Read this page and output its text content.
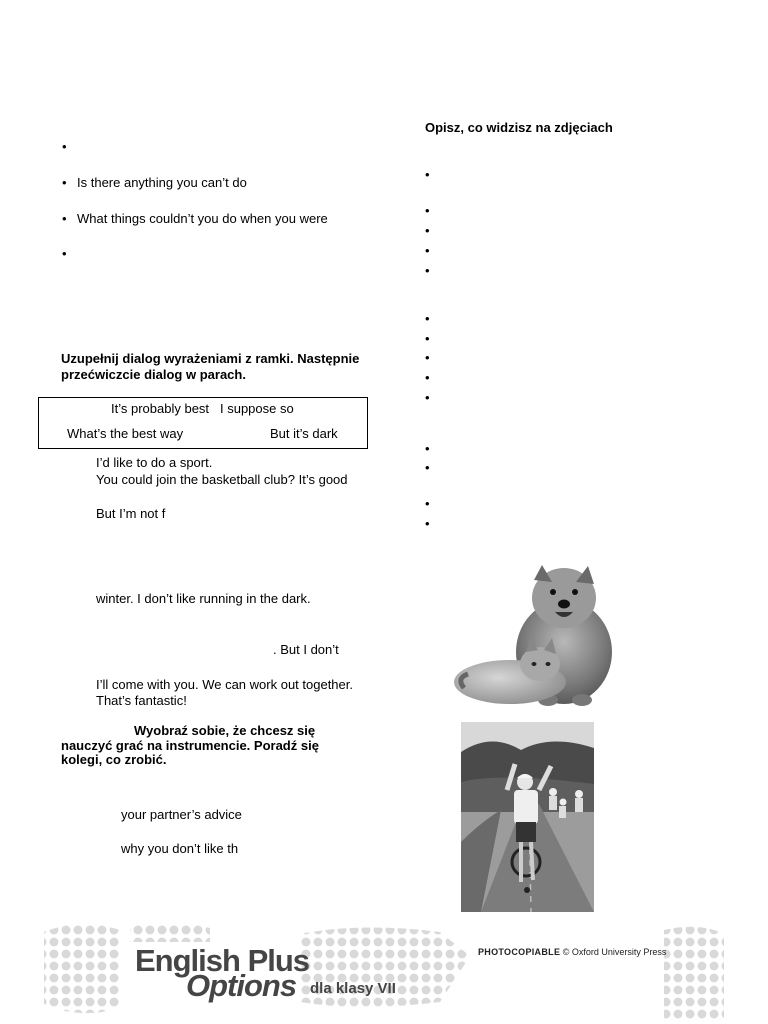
•
• Is there anything you can’t do
• What things couldn’t you do when you were
•
Uzupełnij dialog wyrażeniami z ramki. Następnie
przećwiczcie dialog w parach.
It’s probably best I suppose so
What’s the best way	But it’s dark
I’d like to do a sport.
You could join the basketball club? It’s good
But I’m not f
winter. I don’t like running in the dark.
. But I don’t
I’ll come with you. We can work out together.
That’s fantastic!
Wyobraź sobie, że chcesz się
nauczyć grać na instrumencie. Poradź się
kolegi, co zrobić.
your partner’s advice
why you don’t like th
Opisz, co widzisz na zdjęciach
•
•
•
•
•
•
•
•
•
•
•
•
•
•
English Plus
Options dla klasy VII
PHOTOCOPIABLE © Oxford University Press
